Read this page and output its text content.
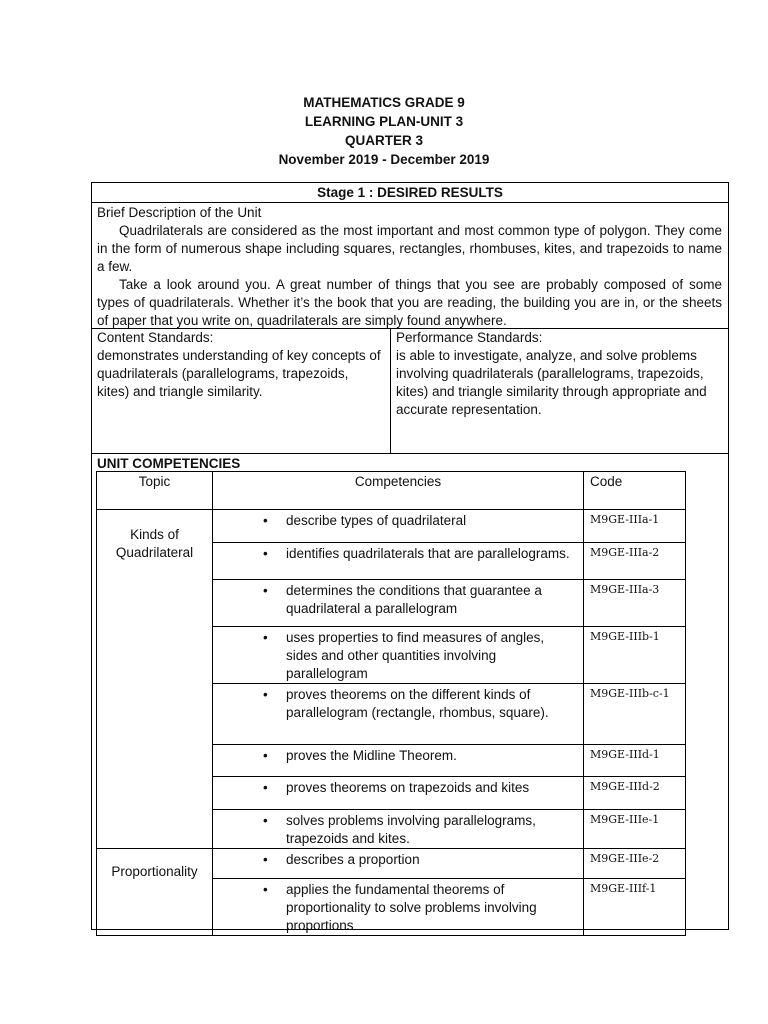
MATHEMATICS GRADE 9
LEARNING PLAN-UNIT 3
QUARTER 3
November 2019 - December 2019
Stage 1 : DESIRED RESULTS

Brief Description of the Unit

Quadrilaterals are considered as the most important and most common type of polygon. They come in the form of numerous shape including squares, rectangles, rhombuses, kites, and trapezoids to name a few.

Take a look around you. A great number of things that you see are probably composed of some types of quadrilaterals. Whether it’s the book that you are reading, the building you are in, or the sheets of paper that you write on, quadrilaterals are simply found anywhere.

Content Standards:
demonstrates understanding of key concepts of quadrilaterals (parallelograms, trapezoids, kites) and triangle similarity.
Performance Standards:
is able to investigate, analyze, and solve problems involving quadrilaterals (parallelograms, trapezoids, kites) and triangle similarity through appropriate and accurate representation.
UNIT COMPETENCIES
Topic	Competencies	Code

Kinds of Quadrilateral	• describe types of quadrilateral	M9GE-IIIa-1

	• identifies quadrilaterals that are parallelograms.	M9GE-IIIa-2

	• determines the conditions that guarantee a quadrilateral a parallelogram	M9GE-IIIa-3

	• uses properties to find measures of angles, sides and other quantities involving parallelogram	M9GE-IIIb-1

	• proves theorems on the different kinds of parallelogram (rectangle, rhombus, square).	M9GE-IIIb-c-1

	• proves the Midline Theorem.	M9GE-IIId-1

	• proves theorems on trapezoids and kites	M9GE-IIId-2

	• solves problems involving parallelograms, trapezoids and kites.	M9GE-IIIe-1

Proportionality	• describes a proportion	M9GE-IIIe-2

	• applies the fundamental theorems of proportionality to solve problems involving proportions	M9GE-IIIf-1
